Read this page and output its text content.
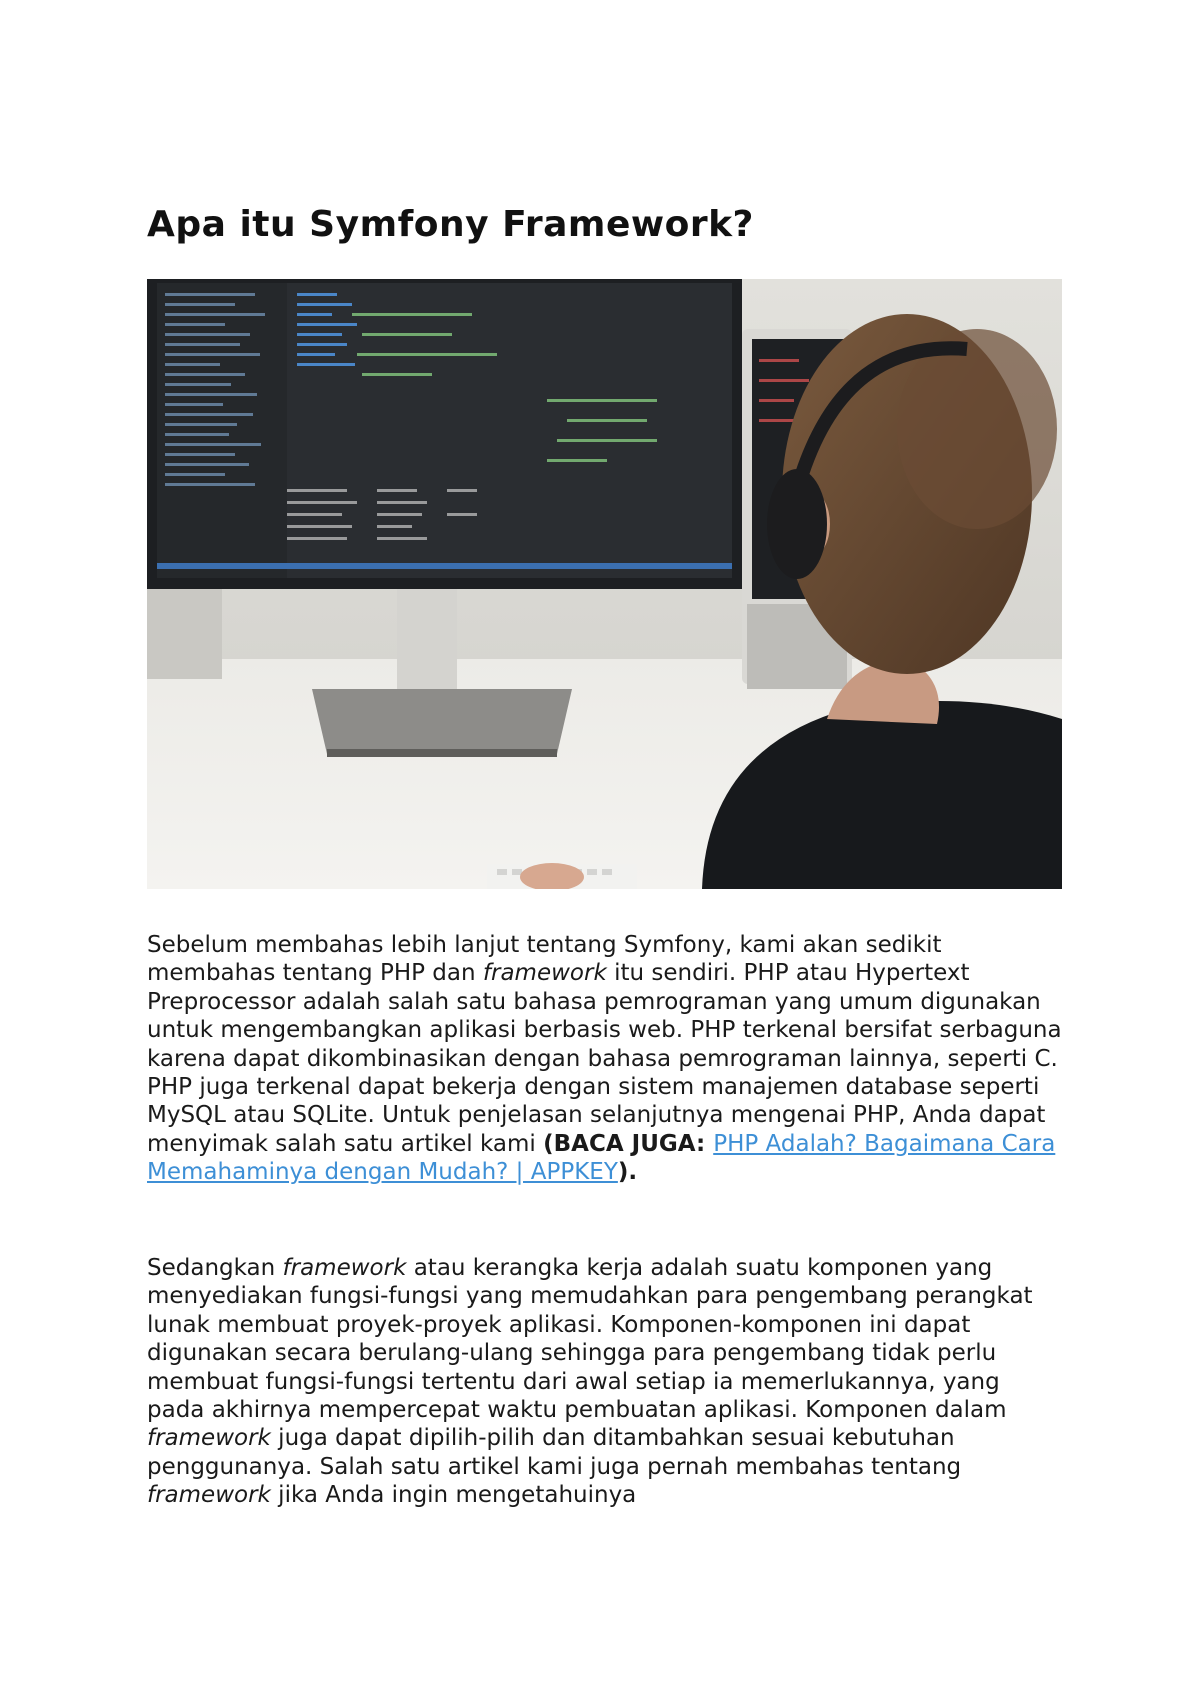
Apa itu Symfony Framework?

Sebelum membahas lebih lanjut tentang Symfony, kami akan sedikit membahas tentang PHP dan framework itu sendiri. PHP atau Hypertext Preprocessor adalah salah satu bahasa pemrograman yang umum digunakan untuk mengembangkan aplikasi berbasis web. PHP terkenal bersifat serbaguna karena dapat dikombinasikan dengan bahasa pemrograman lainnya, seperti C. PHP juga terkenal dapat bekerja dengan sistem manajemen database seperti MySQL atau SQLite. Untuk penjelasan selanjutnya mengenai PHP, Anda dapat menyimak salah satu artikel kami (BACA JUGA: PHP Adalah? Bagaimana Cara Memahaminya dengan Mudah? | APPKEY).

Sedangkan framework atau kerangka kerja adalah suatu komponen yang menyediakan fungsi-fungsi yang memudahkan para pengembang perangkat lunak membuat proyek-proyek aplikasi. Komponen-komponen ini dapat digunakan secara berulang-ulang sehingga para pengembang tidak perlu membuat fungsi-fungsi tertentu dari awal setiap ia memerlukannya, yang pada akhirnya mempercepat waktu pembuatan aplikasi. Komponen dalam framework juga dapat dipilih-pilih dan ditambahkan sesuai kebutuhan penggunanya. Salah satu artikel kami juga pernah membahas tentang framework jika Anda ingin mengetahuinya
